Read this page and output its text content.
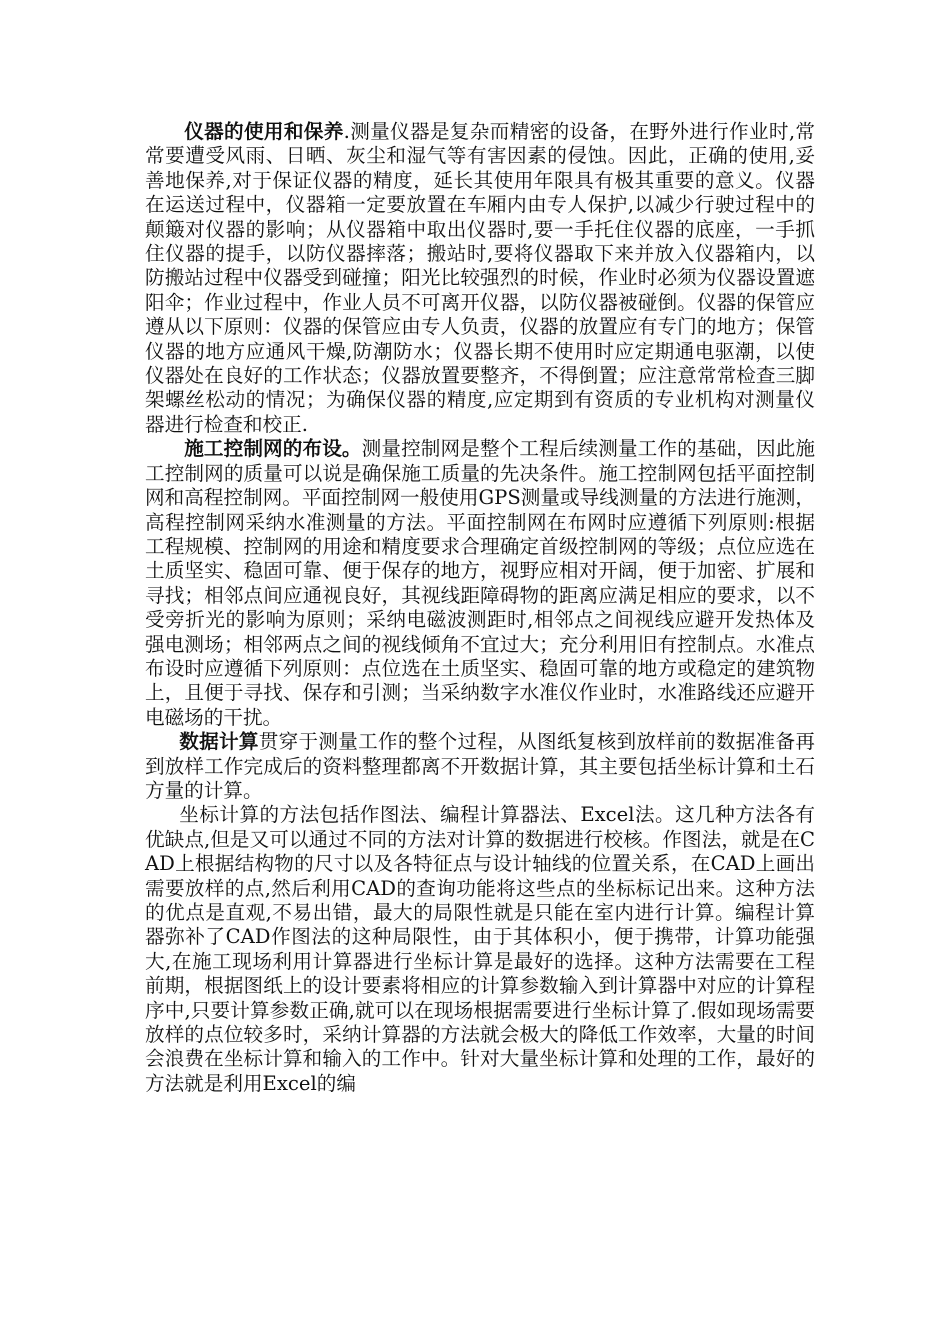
仪器的使用和保养.测量仪器是复杂而精密的设备，在野外进行作业时,常常要遭受风雨、日晒、灰尘和湿气等有害因素的侵蚀。因此，正确的使用,妥善地保养,对于保证仪器的精度，延长其使用年限具有极其重要的意义。仪器在运送过程中，仪器箱一定要放置在车厢内由专人保护,以减少行驶过程中的颠簸对仪器的影响；从仪器箱中取出仪器时,要一手托住仪器的底座，一手抓住仪器的提手，以防仪器摔落；搬站时,要将仪器取下来并放入仪器箱内，以防搬站过程中仪器受到碰撞；阳光比较强烈的时候，作业时必须为仪器设置遮阳伞；作业过程中，作业人员不可离开仪器，以防仪器被碰倒。仪器的保管应遵从以下原则：仪器的保管应由专人负责，仪器的放置应有专门的地方；保管仪器的地方应通风干燥,防潮防水；仪器长期不使用时应定期通电驱潮，以使仪器处在良好的工作状态；仪器放置要整齐，不得倒置；应注意常常检查三脚架螺丝松动的情况；为确保仪器的精度,应定期到有资质的专业机构对测量仪器进行检查和校正.

施工控制网的布设。测量控制网是整个工程后续测量工作的基础，因此施工控制网的质量可以说是确保施工质量的先决条件。施工控制网包括平面控制网和高程控制网。平面控制网一般使用GPS测量或导线测量的方法进行施测，高程控制网采纳水准测量的方法。平面控制网在布网时应遵循下列原则:根据工程规模、控制网的用途和精度要求合理确定首级控制网的等级；点位应选在土质坚实、稳固可靠、便于保存的地方，视野应相对开阔，便于加密、扩展和寻找；相邻点间应通视良好，其视线距障碍物的距离应满足相应的要求，以不受旁折光的影响为原则；采纳电磁波测距时,相邻点之间视线应避开发热体及强电测场；相邻两点之间的视线倾角不宜过大；充分利用旧有控制点。水准点布设时应遵循下列原则：点位选在土质坚实、稳固可靠的地方或稳定的建筑物上，且便于寻找、保存和引测；当采纳数字水准仪作业时，水准路线还应避开电磁场的干扰。

数据计算贯穿于测量工作的整个过程，从图纸复核到放样前的数据准备再到放样工作完成后的资料整理都离不开数据计算，其主要包括坐标计算和土石方量的计算。

坐标计算的方法包括作图法、编程计算器法、Excel法。这几种方法各有优缺点,但是又可以通过不同的方法对计算的数据进行校核。作图法，就是在CAD上根据结构物的尺寸以及各特征点与设计轴线的位置关系，在CAD上画出需要放样的点,然后利用CAD的查询功能将这些点的坐标标记出来。这种方法的优点是直观,不易出错，最大的局限性就是只能在室内进行计算。编程计算器弥补了CAD作图法的这种局限性，由于其体积小，便于携带，计算功能强大,在施工现场利用计算器进行坐标计算是最好的选择。这种方法需要在工程前期，根据图纸上的设计要素将相应的计算参数输入到计算器中对应的计算程序中,只要计算参数正确,就可以在现场根据需要进行坐标计算了.假如现场需要放样的点位较多时，采纳计算器的方法就会极大的降低工作效率，大量的时间会浪费在坐标计算和输入的工作中。针对大量坐标计算和处理的工作，最好的方法就是利用Excel的编
